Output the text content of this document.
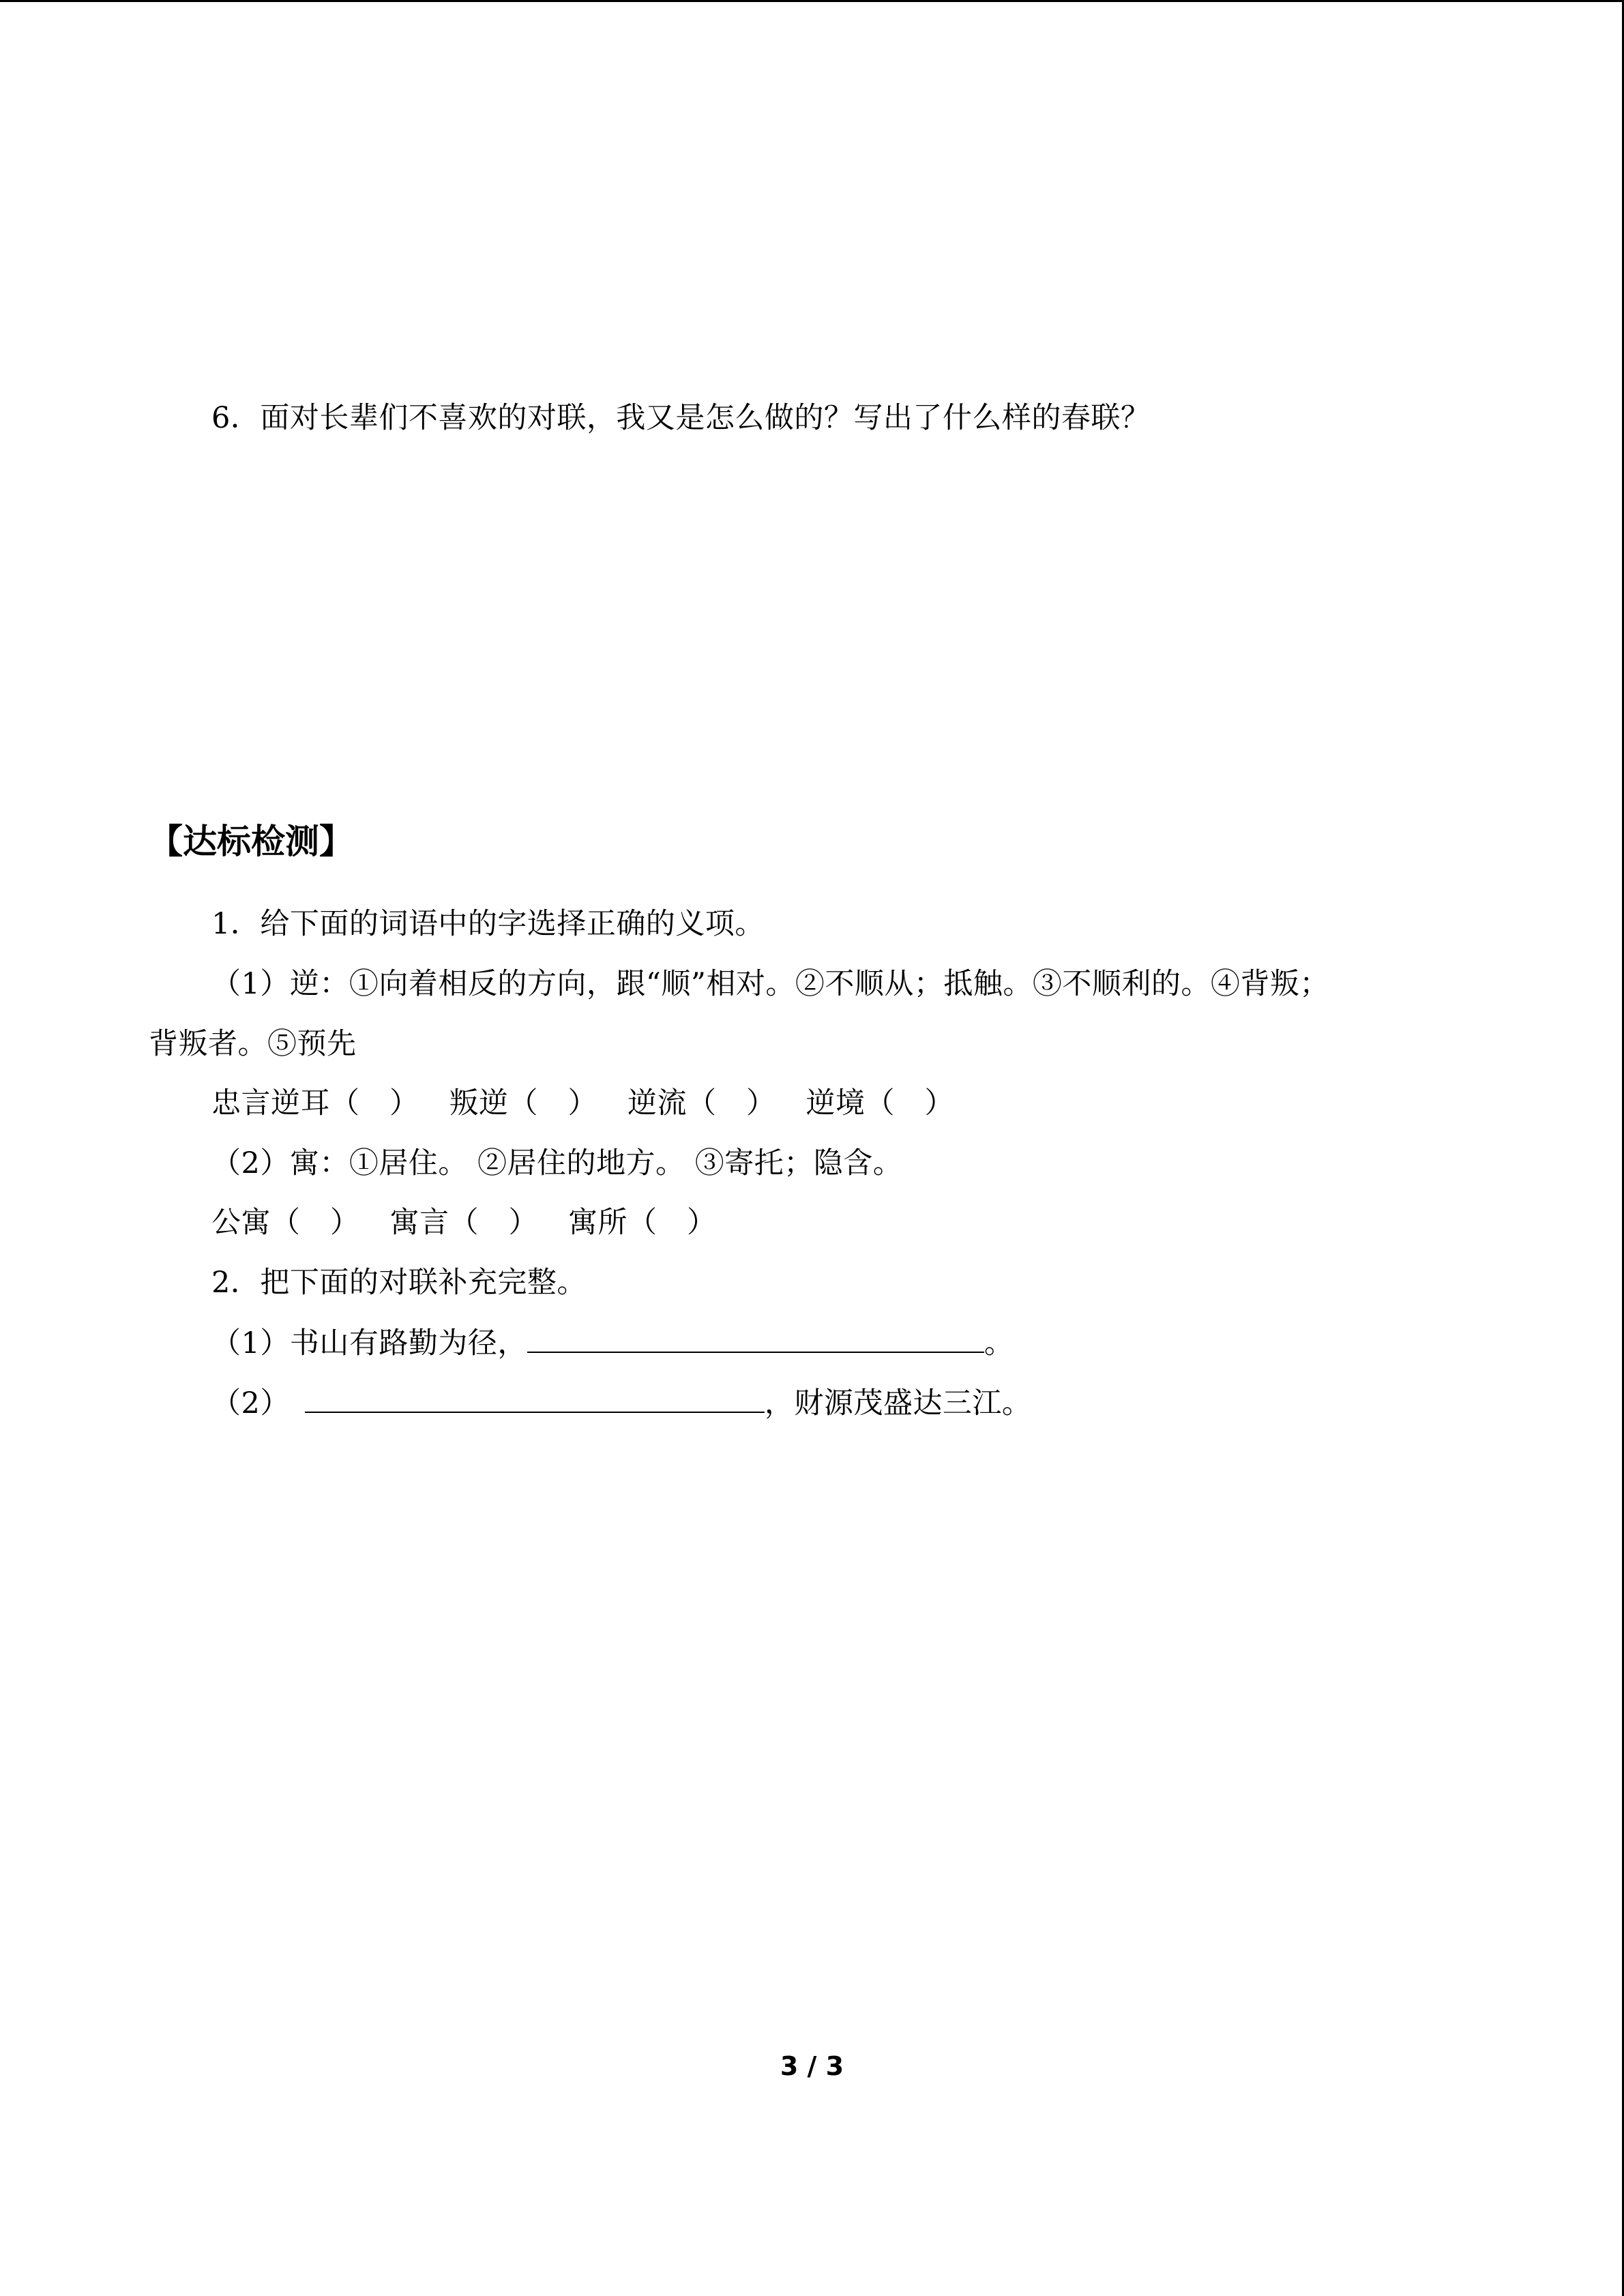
6．面对长辈们不喜欢的对联，我又是怎么做的？写出了什么样的春联？
【达标检测】
1．给下面的词语中的字选择正确的义项。
（1）逆：①向着相反的方向，跟“顺”相对。②不顺从；抵触。③不顺利的。④背叛；
背叛者。⑤预先
忠言逆耳（　） 叛逆（　） 逆流（　） 逆境（　）
（2）寓：①居住。 ②居住的地方。 ③寄托；隐含。
公寓（　） 寓言（　） 寓所（　）
2．把下面的对联补充完整。
（1）书山有路勤为径，	。
（2）	，财源茂盛达三江。
3 / 3
